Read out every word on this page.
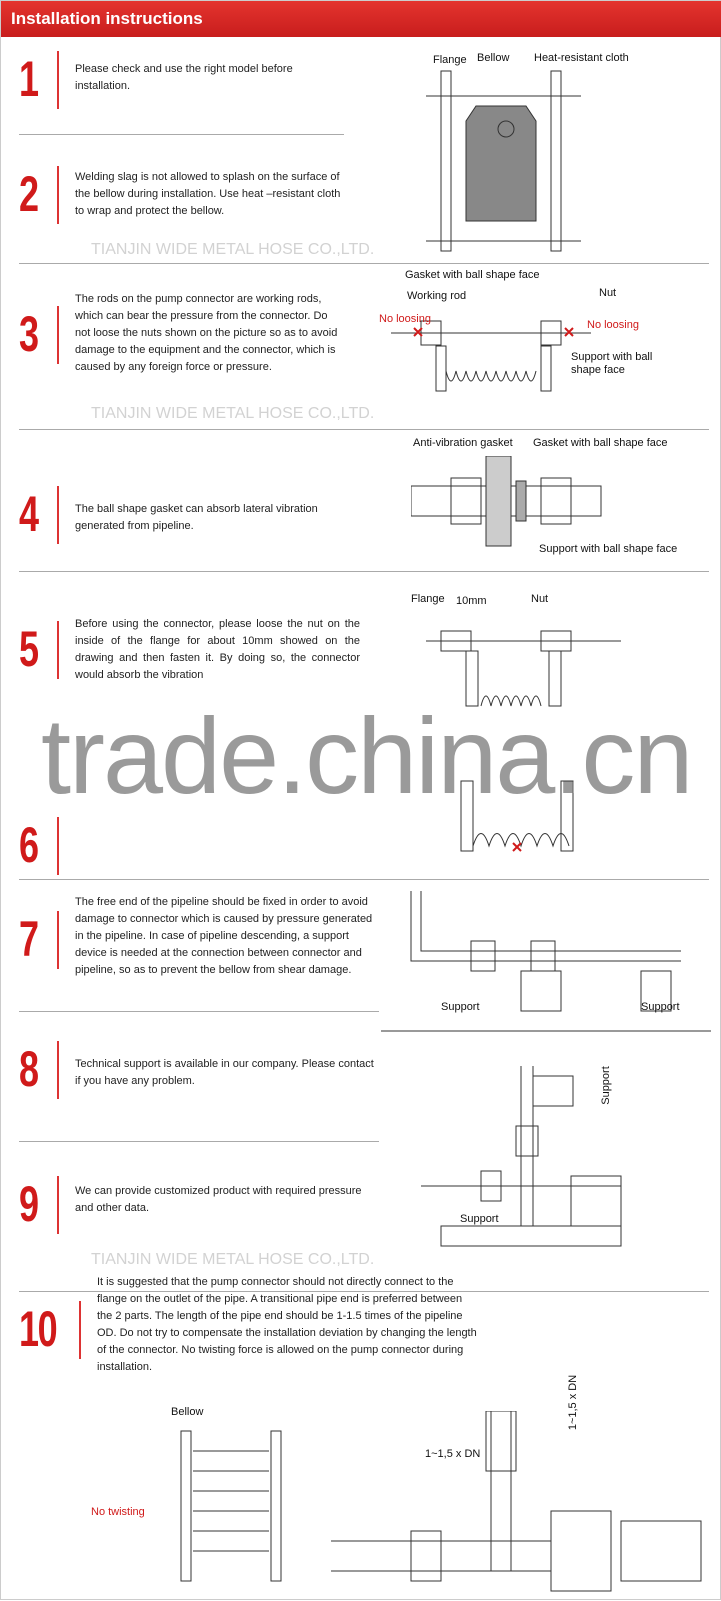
Installation instructions
1	Please check and use the right model before installation.
2	Welding slag is not allowed to splash on the surface of the bellow during installation. Use heat –resistant cloth to wrap and protect the bellow.
3
The rods on the pump connector are working rods, which can bear the pressure from the connector. Do not loose the nuts shown on the picture so as to avoid damage to the equipment and the connector, which is caused by any foreign force or pressure.
4	The ball shape gasket can absorb lateral vibration generated from pipeline.
5	Before using the connector, please loose the nut on the inside of the flange for about 10mm showed on the drawing and then fasten it. By doing so, the connector would absorb the vibration
6
7
The free end of the pipeline should be fixed in order to avoid damage to connector which is caused by pressure generated in the pipeline. In case of pipeline descending, a support device is needed at the connection between connector and pipeline, so as to prevent the bellow from shear damage.
8	Technical support is available in our company. Please contact if you have any problem.
9	We can provide customized product with required pressure and other data.
10
It is suggested that the pump connector should not directly connect to the flange on the outlet of the pipe. A transitional pipe end is preferred between the 2 parts. The length of the pipe end should be 1-1.5 times of the pipeline OD. Do not try to compensate the installation deviation by changing the length of the connector. No twisting force is allowed on the pump connector during installation.
Flange Bellow Heat-resistant cloth
Gasket with ball shape face
Working rod	Nut
No loosing	No loosing
Support with ball shape face
Anti-vibration gasket Gasket with ball shape face
Support with ball shape face
Flange 10mm	Nut
Support	Support
Support
Support
Bellow
No twisting
1~1,5 x DN
1~1,5 x DN
TIANJIN WIDE METAL HOSE CO.,LTD.
TIANJIN WIDE METAL HOSE CO.,LTD.
TIANJIN WIDE METAL HOSE CO.,LTD.
trade.china.cn
